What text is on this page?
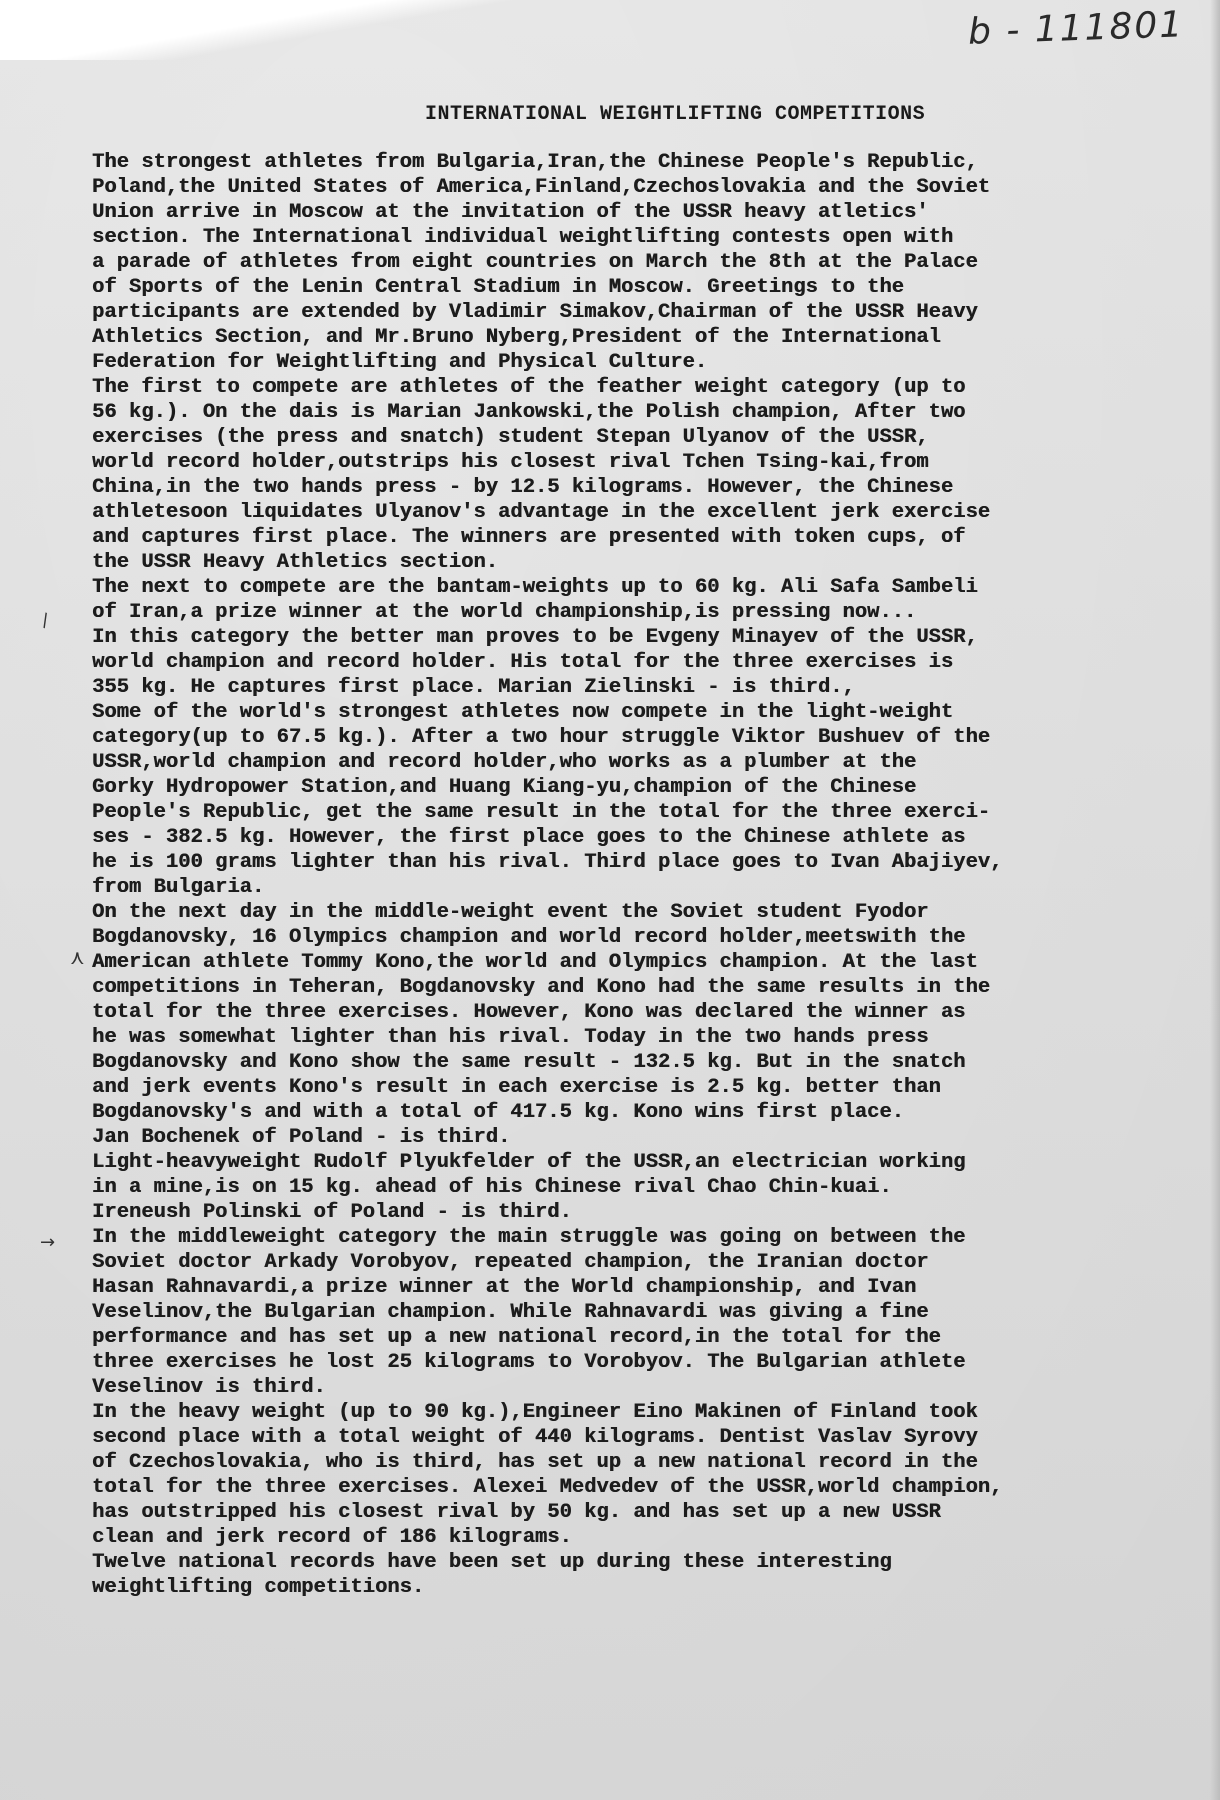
b - 111801
INTERNATIONAL WEIGHTLIFTING COMPETITIONS
The strongest athletes from Bulgaria,Iran,the Chinese People's Republic,
Poland,the United States of America,Finland,Czechoslovakia and the Soviet
Union arrive in Moscow at the invitation of the USSR heavy atletics'
section. The International individual weightlifting contests open with
a parade of athletes from eight countries on March the 8th at the Palace
of Sports of the Lenin Central Stadium in Moscow. Greetings to the
participants are extended by Vladimir Simakov,Chairman of the USSR Heavy
Athletics Section, and Mr.Bruno Nyberg,President of the International
Federation for Weightlifting and Physical Culture.
The first to compete are athletes of the feather weight category (up to
56 kg.). On the dais is Marian Jankowski,the Polish champion, After two
exercises (the press and snatch) student Stepan Ulyanov of the USSR,
world record holder,outstrips his closest rival Tchen Tsing-kai,from
China,in the two hands press - by 12.5 kilograms. However, the Chinese
athletesoon liquidates Ulyanov's advantage in the excellent jerk exercise
and captures first place. The winners are presented with token cups, of
the USSR Heavy Athletics section.
The next to compete are the bantam-weights up to 60 kg. Ali Safa Sambeli
of Iran,a prize winner at the world championship,is pressing now...
In this category the better man proves to be Evgeny Minayev of the USSR,
world champion and record holder. His total for the three exercises is
355 kg. He captures first place. Marian Zielinski - is third.,
Some of the world's strongest athletes now compete in the light-weight
category(up to 67.5 kg.). After a two hour struggle Viktor Bushuev of the
USSR,world champion and record holder,who works as a plumber at the
Gorky Hydropower Station,and Huang Kiang-yu,champion of the Chinese
People's Republic, get the same result in the total for the three exerci-
ses - 382.5 kg. However, the first place goes to the Chinese athlete as
he is 100 grams lighter than his rival. Third place goes to Ivan Abajiyev,
from Bulgaria.
On the next day in the middle-weight event the Soviet student Fyodor
Bogdanovsky, 16 Olympics champion and world record holder,meetswith the
American athlete Tommy Kono,the world and Olympics champion. At the last
competitions in Teheran, Bogdanovsky and Kono had the same results in the
total for the three exercises. However, Kono was declared the winner as
he was somewhat lighter than his rival. Today in the two hands press
Bogdanovsky and Kono show the same result - 132.5 kg. But in the snatch
and jerk events Kono's result in each exercise is 2.5 kg. better than
Bogdanovsky's and with a total of 417.5 kg. Kono wins first place.
Jan Bochenek of Poland - is third.
Light-heavyweight Rudolf Plyukfelder of the USSR,an electrician working
in a mine,is on 15 kg. ahead of his Chinese rival Chao Chin-kuai.
Ireneush Polinski of Poland - is third.
In the middleweight category the main struggle was going on between the
Soviet doctor Arkady Vorobyov, repeated champion, the Iranian doctor
Hasan Rahnavardi,a prize winner at the World championship, and Ivan
Veselinov,the Bulgarian champion. While Rahnavardi was giving a fine
performance and has set up a new national record,in the total for the
three exercises he lost 25 kilograms to Vorobyov. The Bulgarian athlete
Veselinov is third.
In the heavy weight (up to 90 kg.),Engineer Eino Makinen of Finland took
second place with a total weight of 440 kilograms. Dentist Vaslav Syrovy
of Czechoslovakia, who is third, has set up a new national record in the
total for the three exercises. Alexei Medvedev of the USSR,world champion,
has outstripped his closest rival by 50 kg. and has set up a new USSR
clean and jerk record of 186 kilograms.
Twelve national records have been set up during these interesting
weightlifting competitions.
\
⋏
→
